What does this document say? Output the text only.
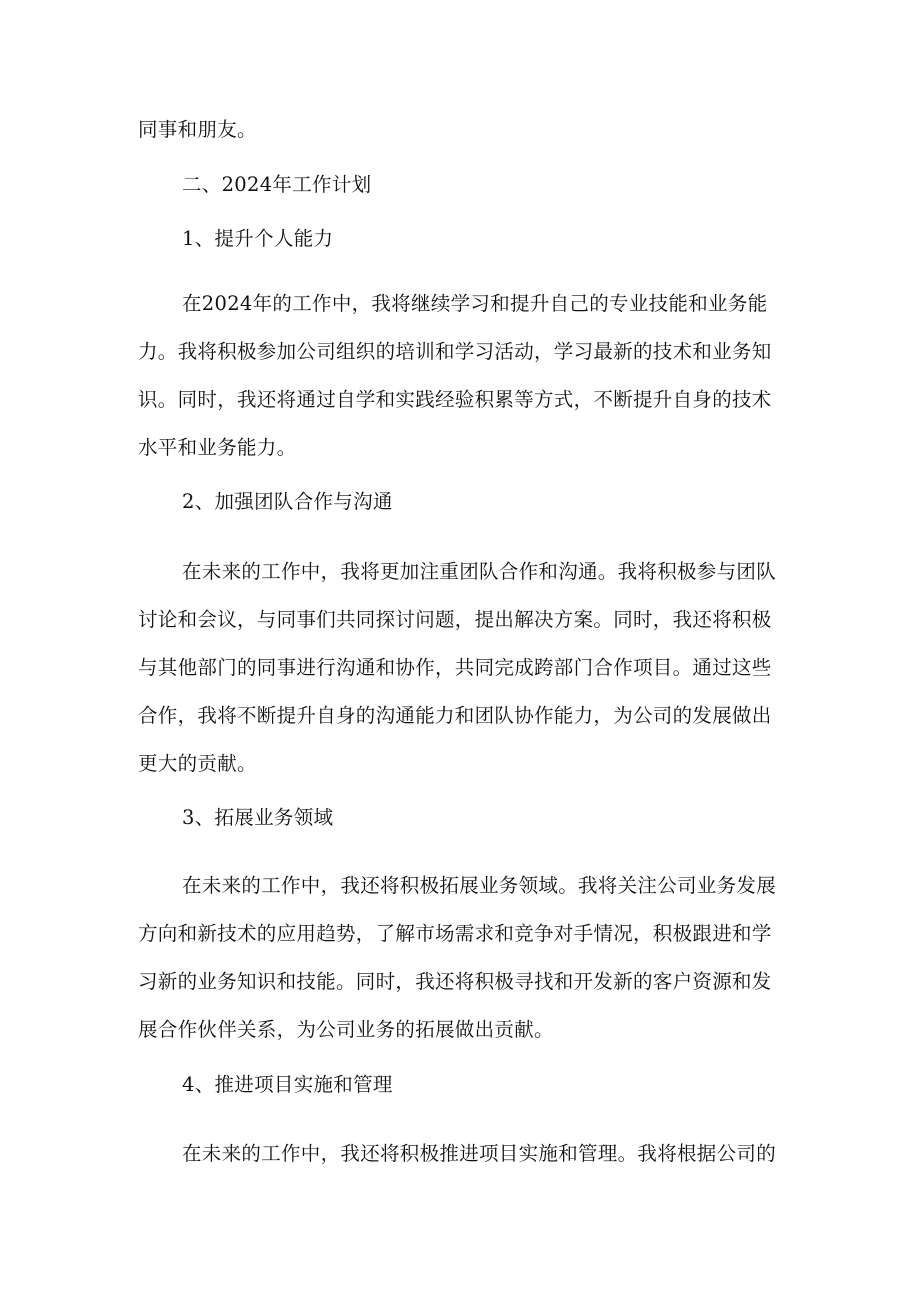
同事和朋友。
二、2024年工作计划
1、提升个人能力
在2024年的工作中，我将继续学习和提升自己的专业技能和业务能
力。我将积极参加公司组织的培训和学习活动，学习最新的技术和业务知
识。同时，我还将通过自学和实践经验积累等方式，不断提升自身的技术
水平和业务能力。
2、加强团队合作与沟通
在未来的工作中，我将更加注重团队合作和沟通。我将积极参与团队
讨论和会议，与同事们共同探讨问题，提出解决方案。同时，我还将积极
与其他部门的同事进行沟通和协作，共同完成跨部门合作项目。通过这些
合作，我将不断提升自身的沟通能力和团队协作能力，为公司的发展做出
更大的贡献。
3、拓展业务领域
在未来的工作中，我还将积极拓展业务领域。我将关注公司业务发展
方向和新技术的应用趋势，了解市场需求和竞争对手情况，积极跟进和学
习新的业务知识和技能。同时，我还将积极寻找和开发新的客户资源和发
展合作伙伴关系，为公司业务的拓展做出贡献。
4、推进项目实施和管理
在未来的工作中，我还将积极推进项目实施和管理。我将根据公司的
